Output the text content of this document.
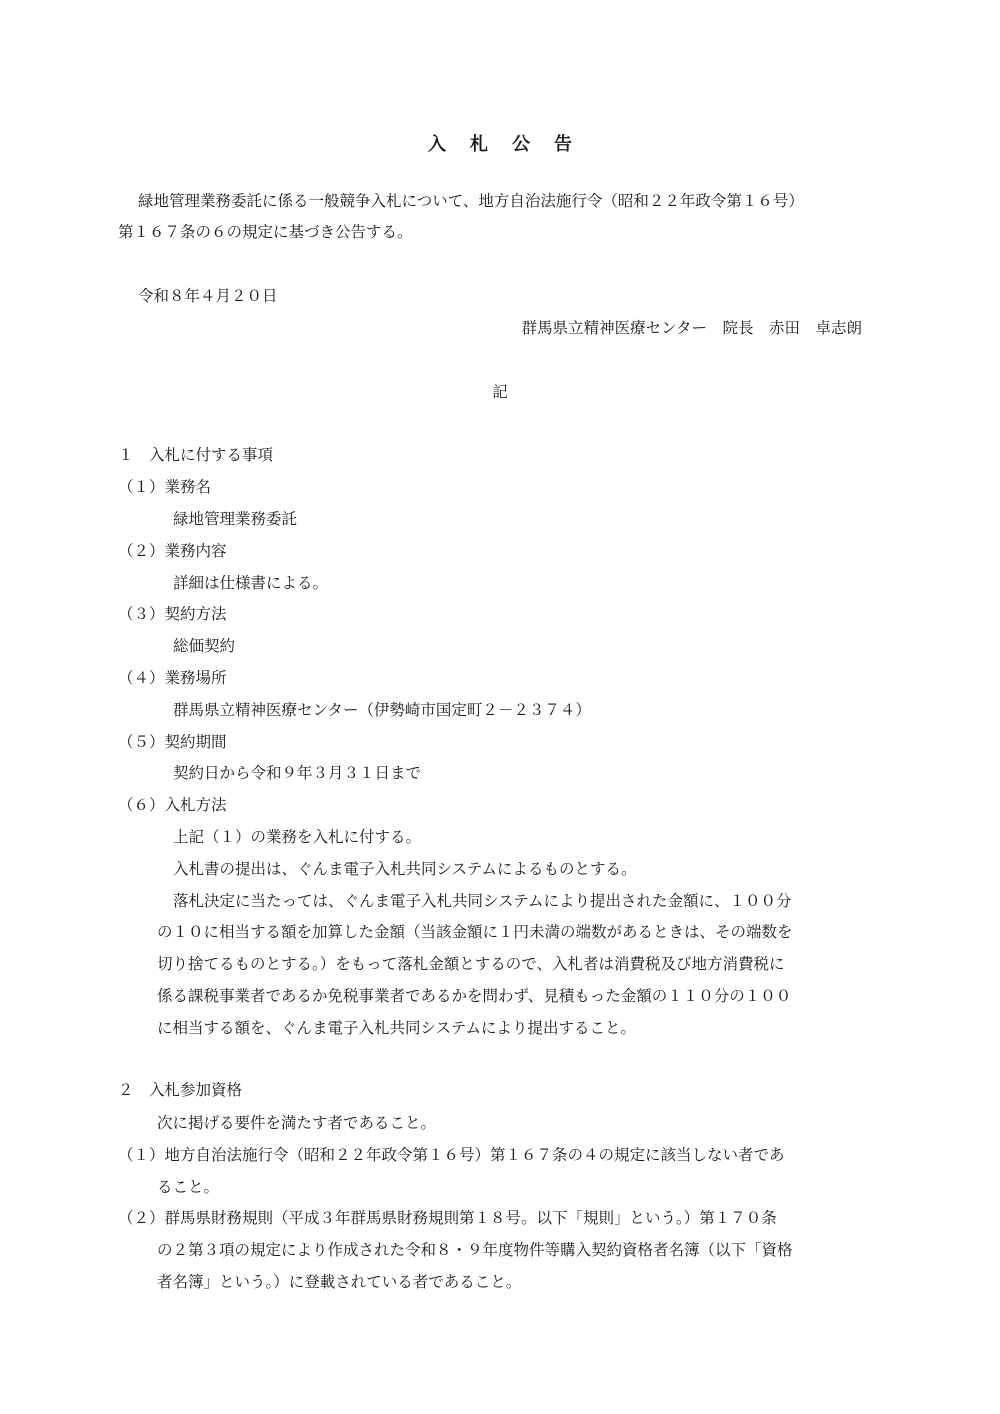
入札公告
緑地管理業務委託に係る一般競争入札について、地方自治法施行令（昭和２２年政令第１６号）
第１６７条の６の規定に基づき公告する。
令和８年４月２０日
群馬県立精神医療センター　院長　赤田　卓志朗
記
１　入札に付する事項
（１）業務名
緑地管理業務委託
（２）業務内容
詳細は仕様書による。
（３）契約方法
総価契約
（４）業務場所
群馬県立精神医療センター（伊勢崎市国定町２－２３７４）
（５）契約期間
契約日から令和９年３月３１日まで
（６）入札方法
上記（１）の業務を入札に付する。
入札書の提出は、ぐんま電子入札共同システムによるものとする。
落札決定に当たっては、ぐんま電子入札共同システムにより提出された金額に、１００分
の１０に相当する額を加算した金額（当該金額に１円未満の端数があるときは、その端数を
切り捨てるものとする。）をもって落札金額とするので、入札者は消費税及び地方消費税に
係る課税事業者であるか免税事業者であるかを問わず、見積もった金額の１１０分の１００
に相当する額を、ぐんま電子入札共同システムにより提出すること。
２　入札参加資格
次に掲げる要件を満たす者であること。
（１）地方自治法施行令（昭和２２年政令第１６号）第１６７条の４の規定に該当しない者であ
ること。
（２）群馬県財務規則（平成３年群馬県財務規則第１８号。以下「規則」という。）第１７０条
の２第３項の規定により作成された令和８・９年度物件等購入契約資格者名簿（以下「資格
者名簿」という。）に登載されている者であること。
